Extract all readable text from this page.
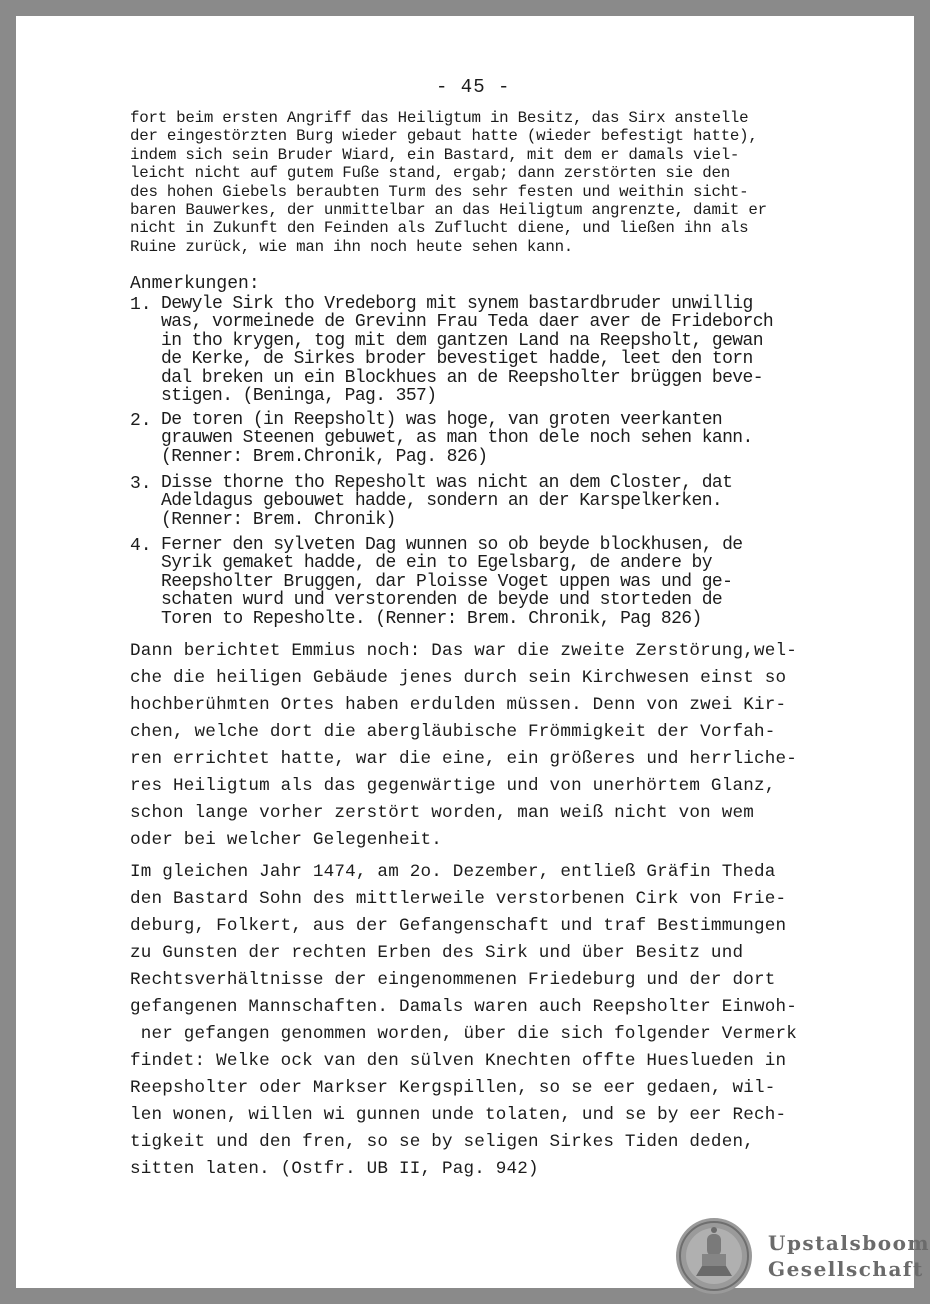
- 45 -

fort beim ersten Angriff das Heiligtum in Besitz, das Sirx anstelle
der eingestörzten Burg wieder gebaut hatte (wieder befestigt hatte),
indem sich sein Bruder Wiard, ein Bastard, mit dem er damals viel-
leicht nicht auf gutem Fuße stand, ergab; dann zerstörten sie den
des hohen Giebels beraubten Turm des sehr festen und weithin sicht-
baren Bauwerkes, der unmittelbar an das Heiligtum angrenzte, damit er
nicht in Zukunft den Feinden als Zuflucht diene, und ließen ihn als
Ruine zurück, wie man ihn noch heute sehen kann.

Anmerkungen:

1. Dewyle Sirk tho Vredeborg mit synem bastardbruder unwillig
was, vormeinede de Grevinn Frau Teda daer aver de Frideborch
in tho krygen, tog mit dem gantzen Land na Reepsholt, gewan
de Kerke, de Sirkes broder bevestiget hadde, leet den torn
dal breken un ein Blockhues an de Reepsholter brüggen beve-
stigen. (Beninga, Pag. 357)

2. De toren (in Reepsholt) was hoge, van groten veerkanten
grauwen Steenen gebuwet, as man thon dele noch sehen kann.
(Renner: Brem.Chronik, Pag. 826)

3. Disse thorne tho Repesholt was nicht an dem Closter, dat
Adeldagus gebouwet hadde, sondern an der Karspelkerken.
(Renner: Brem. Chronik)

4. Ferner den sylveten Dag wunnen so ob beyde blockhusen, de
Syrik gemaket hadde, de ein to Egelsbarg, de andere by
Reepsholter Bruggen, dar Ploisse Voget uppen was und ge-
schaten wurd und verstorenden de beyde und storteden de
Toren to Repesholte. (Renner: Brem. Chronik, Pag 826)

Dann berichtet Emmius noch: Das war die zweite Zerstörung,wel-
che die heiligen Gebäude jenes durch sein Kirchwesen einst so
hochberühmten Ortes haben erdulden müssen. Denn von zwei Kir-
chen, welche dort die abergläubische Frömmigkeit der Vorfah-
ren errichtet hatte, war die eine, ein größeres und herrliche-
res Heiligtum als das gegenwärtige und von unerhörtem Glanz,
schon lange vorher zerstört worden, man weiß nicht von wem
oder bei welcher Gelegenheit.

Im gleichen Jahr 1474, am 2o. Dezember, entließ Gräfin Theda
den Bastard Sohn des mittlerweile verstorbenen Cirk von Frie-
deburg, Folkert, aus der Gefangenschaft und traf Bestimmungen
zu Gunsten der rechten Erben des Sirk und über Besitz und
Rechtsverhältnisse der eingenommenen Friedeburg und der dort
gefangenen Mannschaften. Damals waren auch Reepsholter Einwoh-
ner gefangen genommen worden, über die sich folgender Vermerk
findet: Welke ock van den sülven Knechten offte Hueslueden in
Reepsholter oder Markser Kergspillen, so se eer gedaen, wil-
len wonen, willen wi gunnen unde tolaten, und se by eer Rech-
tigkeit und den fren, so se by seligen Sirkes Tiden deden,
sitten laten. (Ostfr. UB II, Pag. 942)

Upstalsboom
Gesellschaft
